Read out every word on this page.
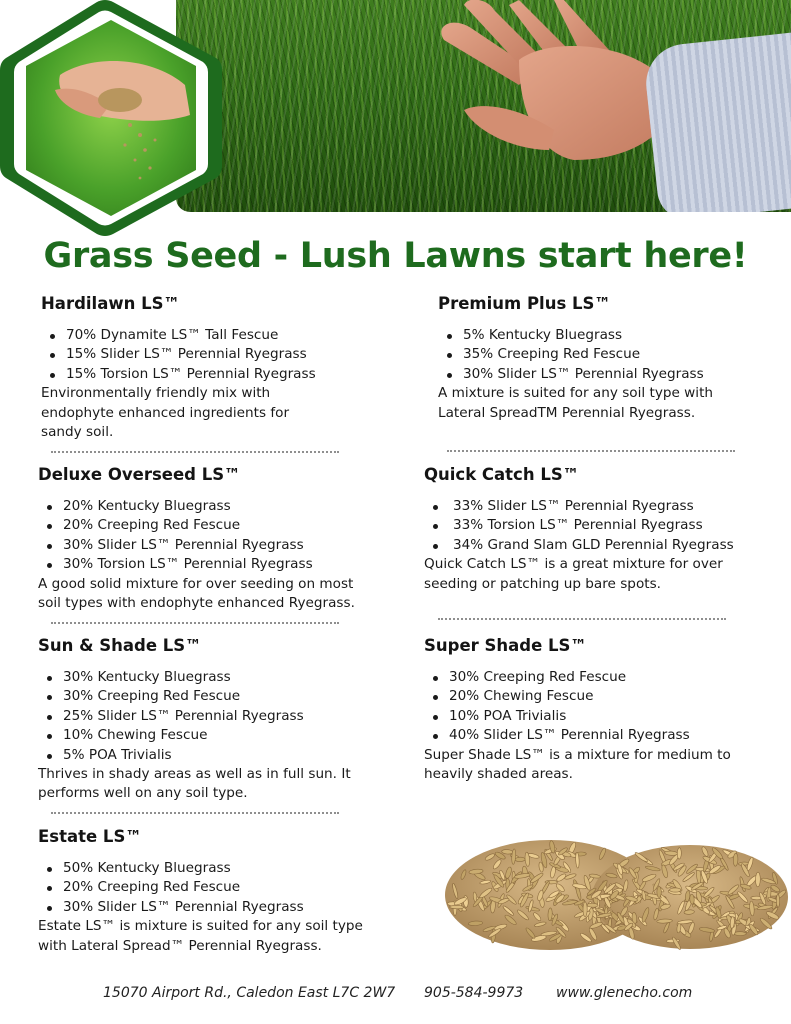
Grass Seed - Lush Lawns start here!
Hardilawn LS™
70% Dynamite LS™ Tall Fescue
15% Slider LS™ Perennial Ryegrass
15% Torsion LS™ Perennial Ryegrass

Environmentally friendly mix with

endophyte enhanced ingredients for

sandy soil.

Deluxe Overseed LS™
20% Kentucky Bluegrass
20% Creeping Red Fescue
30% Slider LS™ Perennial Ryegrass
30% Torsion LS™ Perennial Ryegrass

A good solid mixture for over seeding on most

soil types with endophyte enhanced Ryegrass.

Sun & Shade LS™
30% Kentucky Bluegrass
30% Creeping Red Fescue
25% Slider LS™ Perennial Ryegrass
10% Chewing Fescue
5% POA Trivialis

Thrives in shady areas as well as in full sun. It

performs well on any soil type.

Estate LS™
50% Kentucky Bluegrass
20% Creeping Red Fescue
30% Slider LS™ Perennial Ryegrass

Estate LS™ is mixture is suited for any soil type

with Lateral Spread™ Perennial Ryegrass.

Premium Plus LS™
5% Kentucky Bluegrass
35% Creeping Red Fescue
30% Slider LS™ Perennial Ryegrass

A mixture is suited for any soil type with

Lateral SpreadTM Perennial Ryegrass.

Quick Catch LS™
33% Slider LS™ Perennial Ryegrass
33% Torsion LS™ Perennial Ryegrass
34% Grand Slam GLD Perennial Ryegrass

Quick Catch LS™ is a great mixture for over

seeding or patching up bare spots.

Super Shade LS™
30% Creeping Red Fescue
20% Chewing Fescue
10% POA Trivialis
40% Slider LS™ Perennial Ryegrass

Super Shade LS™ is a mixture for medium to

heavily shaded areas.

15070 Airport Rd., Caledon East L7C 2W7 905-584-9973 www.glenecho.com
